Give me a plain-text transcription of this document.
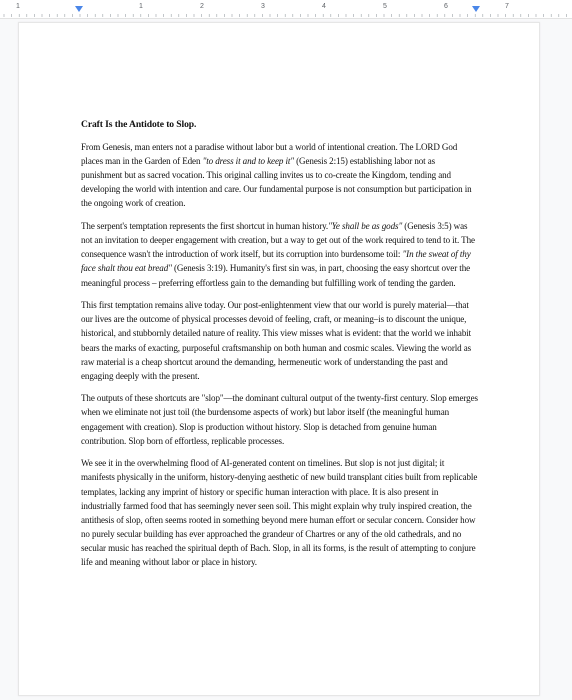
1	1	2	3	4	5	6	7
Craft Is the Antidote to Slop.

From Genesis, man enters not a paradise without labor but a world of intentional creation. The LORD God places man in the Garden of Eden "to dress it and to keep it" (Genesis 2:15) establishing labor not as punishment but as sacred vocation. This original calling invites us to co-create the Kingdom, tending and developing the world with intention and care. Our fundamental purpose is not consumption but participation in the ongoing work of creation.

The serpent's temptation represents the first shortcut in human history."Ye shall be as gods" (Genesis 3:5) was not an invitation to deeper engagement with creation, but a way to get out of the work required to tend to it. The consequence wasn't the introduction of work itself, but its corruption into burdensome toil: "In the sweat of thy face shalt thou eat bread" (Genesis 3:19). Humanity's first sin was, in part, choosing the easy shortcut over the meaningful process – preferring effortless gain to the demanding but fulfilling work of tending the garden.

This first temptation remains alive today. Our post-enlightenment view that our world is purely material—that our lives are the outcome of physical processes devoid of feeling, craft, or meaning–is to discount the unique, historical, and stubbornly detailed nature of reality. This view misses what is evident: that the world we inhabit bears the marks of exacting, purposeful craftsmanship on both human and cosmic scales. Viewing the world as raw material is a cheap shortcut around the demanding, hermeneutic work of understanding the past and engaging deeply with the present.

The outputs of these shortcuts are "slop"—the dominant cultural output of the twenty-first century. Slop emerges when we eliminate not just toil (the burdensome aspects of work) but labor itself (the meaningful human engagement with creation). Slop is production without history. Slop is detached from genuine human contribution. Slop born of effortless, replicable processes.

We see it in the overwhelming flood of AI-generated content on timelines. But slop is not just digital; it manifests physically in the uniform, history-denying aesthetic of new build transplant cities built from replicable templates, lacking any imprint of history or specific human interaction with place. It is also present in industrially farmed food that has seemingly never seen soil. This might explain why truly inspired creation, the antithesis of slop, often seems rooted in something beyond mere human effort or secular concern. Consider how no purely secular building has ever approached the grandeur of Chartres or any of the old cathedrals, and no secular music has reached the spiritual depth of Bach. Slop, in all its forms, is the result of attempting to conjure life and meaning without labor or place in history.
